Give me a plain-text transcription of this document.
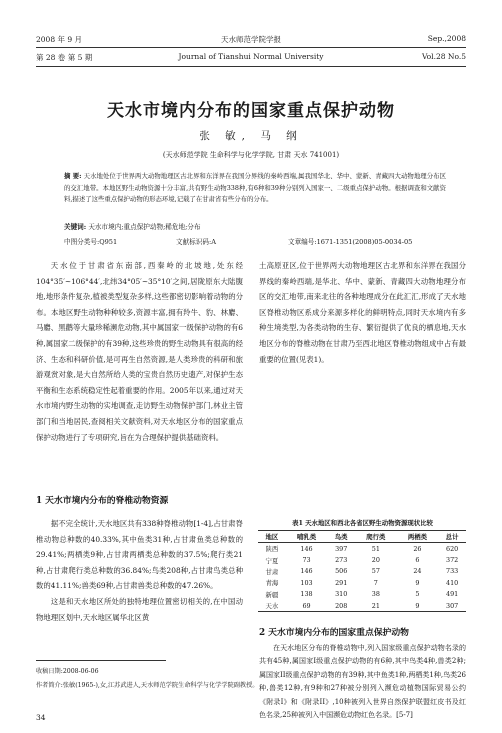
2008 年 9 月	天水师范学院学报	Sep.,2008
第 28 卷 第 5 期	Journal of Tianshui Normal University	Vol.28 No.5
天水市境内分布的国家重点保护动物
张 敏, 马 纲
(天水师范学院 生命科学与化学学院, 甘肃 天水 741001)
摘 要: 天水地处位于世界两大动物地理区古北界和东洋界在我国分界线的秦岭西端,属我国华北、华中、蒙新、青藏四大动物地理分布区的交汇地带。本地区野生动物资源十分丰富,共有野生动物338种,有6种和39种分别列入国家一、二级重点保护动物。根据调查和文献资料,描述了这些重点保护动物的形态环境,记载了在甘肃省有些分布的分布。
关键词: 天水市境内;重点保护动物;稀危地;分布
中图分类号:Q951	文献标识码:A	文章编号:1671-1351(2008)05-0034-05

天水位于甘肃省东南部,西秦岭的北坡地,处东经104°35′~106°44′,北纬34°05′~35°10′之间,居陇原东大陆腹地,地形条件复杂,植被类型复杂多样,这些都密切影响着动物的分布。本地区野生动物种种较多,资源丰富,拥有羚牛、豹、林麝、马麝、黑鹳等大量珍稀濒危动物,其中属国家一级保护动物的有6种,属国家二级保护的有39种,这些珍贵的野生动物具有很高的经济、生态和科研价值,是可再生自然资源,是人类珍贵的科研和旅游观赏对象,是大自然所给人类的宝贵自然历史遗产,对保护生态平衡和生态系统稳定性起着重要的作用。2005年以来,通过对天水市境内野生动物的实地调查,走访野生动物保护部门,林业主管部门和当地居民,查阅相关文献资料,对天水地区分布的国家重点保护动物进行了专项研究,旨在为合理保护提供基础资料。

1 天水市境内分布的脊椎动物资源

据不完全统计,天水地区共有338种脊椎动物[1-4],占甘肃脊椎动物总种数的40.33%,其中鱼类31种,占甘肃鱼类总种数的29.41%;两栖类9种,占甘肃两栖类总种数的37.5%;爬行类21种,占甘肃爬行类总种数的36.84%;鸟类208种,占甘肃鸟类总种数的41.11%;兽类69种,占甘肃兽类总种数的47.26%。

这是和天水地区所处的独特地理位置密切相关的,在中国动物地理区划中,天水地区属华北区黄

土高原亚区,位于世界两大动物地理区古北界和东洋界在我国分界线的秦岭西端,是华北、华中、蒙新、青藏四大动物地理分布区的交汇地带,南来北往的各种地理成分在此汇汇,形成了天水地区脊椎动物区系成分来源多样化的鲜明特点,同时天水境内有多种生境类型,为各类动物的生存、繁衍提供了优良的栖息地,天水地区分布的脊椎动物在甘肃乃至西北地区脊椎动物组成中占有最重要的位置(见表1)。

表1 天水地区和西北各省区野生动物资源现状比较
地区	哺乳类	鸟类	爬行类	两栖类	总计
陕西	146	397	51	26	620
宁夏	73	273	20	6	372
甘肃	146	506	57	24	733
青海	103	291	7	9	410
新疆	138	310	38	5	491
天水	69	208	21	9	307
2 天水市境内分布的国家重点保护动物

在天水地区分布的脊椎动物中,列入国家级重点保护动物名录的共有45种,属国家I级重点保护动物的有6种,其中鸟类4种,兽类2种;属国家II级重点保护动物的有39种,其中鱼类1种,两栖类1种,鸟类26种,兽类12种,有9种和27种被分别列入濒危动植物国际贸易公约《附录I》和《附录II》,10种被列入世界自然保护联盟红皮书及红色名录,25种被列入中国濒危动物红色名录。[5-7]

收稿日期:2008-06-06
作者简介:张敏(1965-),女,江苏武进人,天水师范学院生命科学与化学学院副教授。
34
